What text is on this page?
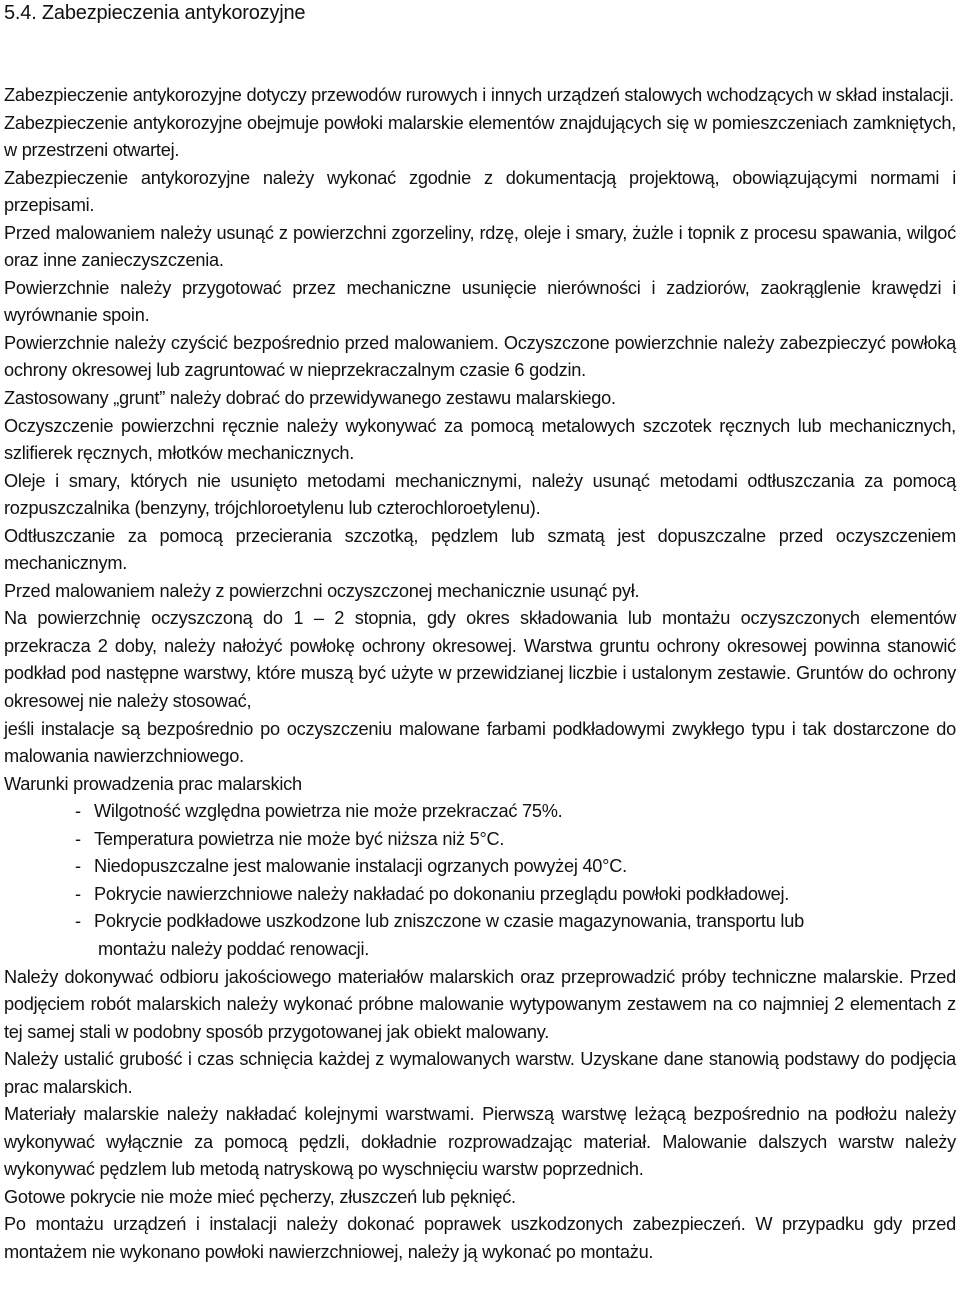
5.4. Zabezpieczenia antykorozyjne

Zabezpieczenie antykorozyjne dotyczy przewodów rurowych i innych urządzeń stalowych wchodzących w skład instalacji.

Zabezpieczenie antykorozyjne obejmuje powłoki malarskie elementów znajdujących się w pomieszczeniach zamkniętych, w przestrzeni otwartej.

Zabezpieczenie antykorozyjne należy wykonać zgodnie z dokumentacją projektową, obowiązującymi normami i przepisami.

Przed malowaniem należy usunąć z powierzchni zgorzeliny, rdzę, oleje i smary, żużle i topnik z procesu spawania, wilgoć oraz inne zanieczyszczenia.

Powierzchnie należy przygotować przez mechaniczne usunięcie nierówności i zadziorów, zaokrąglenie krawędzi i wyrównanie spoin.

Powierzchnie należy czyścić bezpośrednio przed malowaniem. Oczyszczone powierzchnie należy zabezpieczyć powłoką ochrony okresowej lub zagruntować w nieprzekraczalnym czasie 6 godzin.

Zastosowany „grunt” należy dobrać do przewidywanego zestawu malarskiego.

Oczyszczenie powierzchni ręcznie należy wykonywać za pomocą metalowych szczotek ręcznych lub mechanicznych, szlifierek ręcznych, młotków mechanicznych.

Oleje i smary, których nie usunięto metodami mechanicznymi, należy usunąć metodami odtłuszczania za pomocą rozpuszczalnika (benzyny, trójchloroetylenu lub czterochloroetylenu).

Odtłuszczanie za pomocą przecierania szczotką, pędzlem lub szmatą jest dopuszczalne przed oczyszczeniem mechanicznym.

Przed malowaniem należy z powierzchni oczyszczonej mechanicznie usunąć pył.

Na powierzchnię oczyszczoną do 1 – 2 stopnia, gdy okres składowania lub montażu oczyszczonych elementów przekracza 2 doby, należy nałożyć powłokę ochrony okresowej. Warstwa gruntu ochrony okresowej powinna stanowić podkład pod następne warstwy, które muszą być użyte w przewidzianej liczbie i ustalonym zestawie. Gruntów do ochrony okresowej nie należy stosować,

jeśli instalacje są bezpośrednio po oczyszczeniu malowane farbami podkładowymi zwykłego typu i tak dostarczone do malowania nawierzchniowego.

Warunki prowadzenia prac malarskich

- Wilgotność względna powietrza nie może przekraczać 75%.
- Temperatura powietrza nie może być niższa niż 5°C.
- Niedopuszczalne jest malowanie instalacji ogrzanych powyżej 40°C.
- Pokrycie nawierzchniowe należy nakładać po dokonaniu przeglądu powłoki podkładowej.
- Pokrycie podkładowe uszkodzone lub zniszczone w czasie magazynowania, transportu lub
montażu należy poddać renowacji.

Należy dokonywać odbioru jakościowego materiałów malarskich oraz przeprowadzić próby techniczne malarskie. Przed podjęciem robót malarskich należy wykonać próbne malowanie wytypowanym zestawem na co najmniej 2 elementach z tej samej stali w podobny sposób przygotowanej jak obiekt malowany.

Należy ustalić grubość i czas schnięcia każdej z wymalowanych warstw. Uzyskane dane stanowią podstawy do podjęcia prac malarskich.

Materiały malarskie należy nakładać kolejnymi warstwami. Pierwszą warstwę leżącą bezpośrednio na podłożu należy wykonywać wyłącznie za pomocą pędzli, dokładnie rozprowadzając materiał. Malowanie dalszych warstw należy wykonywać pędzlem lub metodą natryskową po wyschnięciu warstw poprzednich.

Gotowe pokrycie nie może mieć pęcherzy, złuszczeń lub pęknięć.

Po montażu urządzeń i instalacji należy dokonać poprawek uszkodzonych zabezpieczeń. W przypadku gdy przed montażem nie wykonano powłoki nawierzchniowej, należy ją wykonać po montażu.
